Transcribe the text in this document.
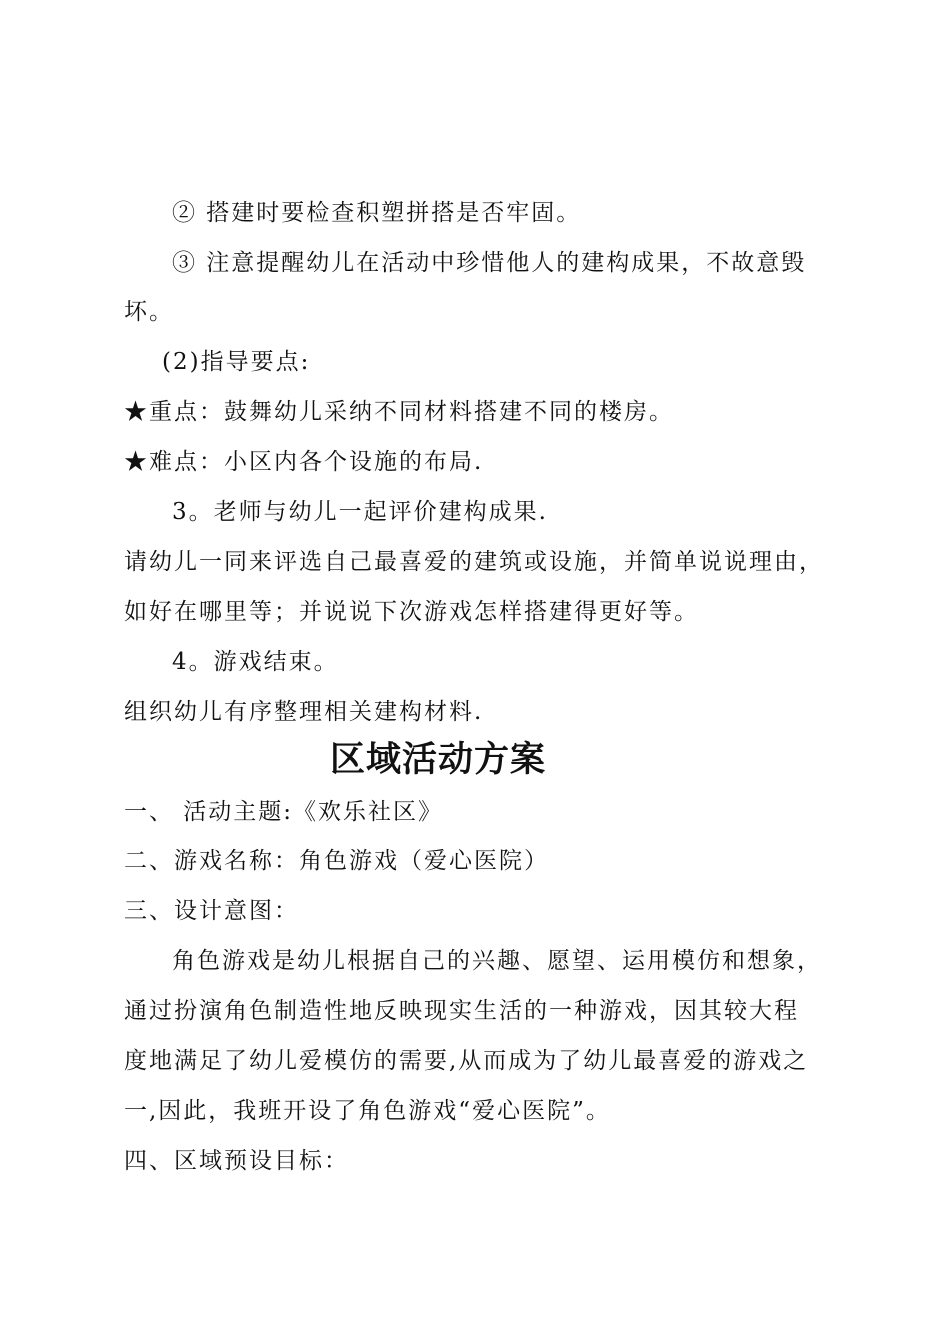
② 搭建时要检查积塑拼搭是否牢固。
③ 注意提醒幼儿在活动中珍惜他人的建构成果，不故意毁
坏。
(2)指导要点:
★重点：鼓舞幼儿采纳不同材料搭建不同的楼房。
★难点：小区内各个设施的布局.
3。老师与幼儿一起评价建构成果.
请幼儿一同来评选自己最喜爱的建筑或设施，并简单说说理由，
如好在哪里等；并说说下次游戏怎样搭建得更好等。
4。游戏结束。
组织幼儿有序整理相关建构材料.
区域活动方案
一、 活动主题:《欢乐社区》
二、游戏名称：角色游戏（爱心医院）
三、设计意图：
角色游戏是幼儿根据自己的兴趣、愿望、运用模仿和想象，
通过扮演角色制造性地反映现实生活的一种游戏，因其较大程
度地满足了幼儿爱模仿的需要,从而成为了幼儿最喜爱的游戏之
一,因此，我班开设了角色游戏“爱心医院”。
四、区域预设目标：
